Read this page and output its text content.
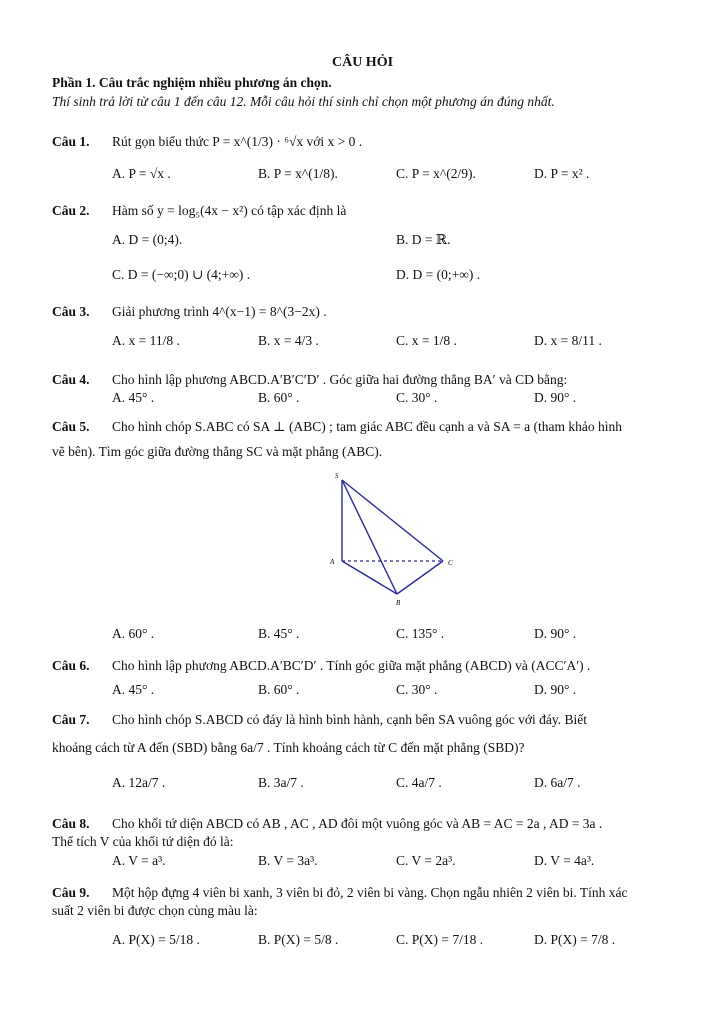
CÂU HỎI
Phần 1. Câu trắc nghiệm nhiều phương án chọn.
Thí sinh trả lời từ câu 1 đến câu 12. Mỗi câu hỏi thí sinh chỉ chọn một phương án đúng nhất.
Câu 1. Rút gọn biểu thức P = x^(1/3) · ⁶√x với x > 0 .
A. P = √x .	B. P = x^(1/8).	C. P = x^(2/9).	D. P = x² .
Câu 2. Hàm số y = log₅(4x − x²) có tập xác định là
A. D = (0;4).	B. D = ℝ.
C. D = (−∞;0) ∪ (4;+∞) .	D. D = (0;+∞) .
Câu 3. Giải phương trình 4^(x−1) = 8^(3−2x) .
A. x = 11/8 .	B. x = 4/3 .	C. x = 1/8 .	D. x = 8/11 .
Câu 4. Cho hình lập phương ABCD.A′B′C′D′ . Góc giữa hai đường thẳng BA′ và CD bằng:
A. 45° .	B. 60° .	C. 30° .	D. 90° .
Câu 5. Cho hình chóp S.ABC có SA ⊥ (ABC) ; tam giác ABC đều cạnh a và SA = a (tham khảo hình
vẽ bên). Tìm góc giữa đường thẳng SC và mặt phẳng (ABC).
S
A
B
C
A. 60° .	B. 45° .	C. 135° .	D. 90° .
Câu 6. Cho hình lập phương ABCD.A′BC′D′ . Tính góc giữa mặt phẳng (ABCD) và (ACC′A′) .
A. 45° .	B. 60° .	C. 30° .	D. 90° .
Câu 7. Cho hình chóp S.ABCD có đáy là hình bình hành, cạnh bên SA vuông góc với đáy. Biết
khoảng cách từ A đến (SBD) bằng 6a/7 . Tính khoảng cách từ C đến mặt phẳng (SBD)?
A. 12a/7 .	B. 3a/7 .	C. 4a/7 .	D. 6a/7 .
Câu 8. Cho khối tứ diện ABCD có AB , AC , AD đôi một vuông góc và AB = AC = 2a , AD = 3a .
Thể tích V của khối tứ diện đó là:
A. V = a³.	B. V = 3a³.	C. V = 2a³.	D. V = 4a³.
Câu 9. Một hộp đựng 4 viên bi xanh, 3 viên bi đỏ, 2 viên bi vàng. Chọn ngẫu nhiên 2 viên bi. Tính xác
suất 2 viên bi được chọn cùng màu là:
A. P(X) = 5/18 .	B. P(X) = 5/8 .	C. P(X) = 7/18 .	D. P(X) = 7/8 .
